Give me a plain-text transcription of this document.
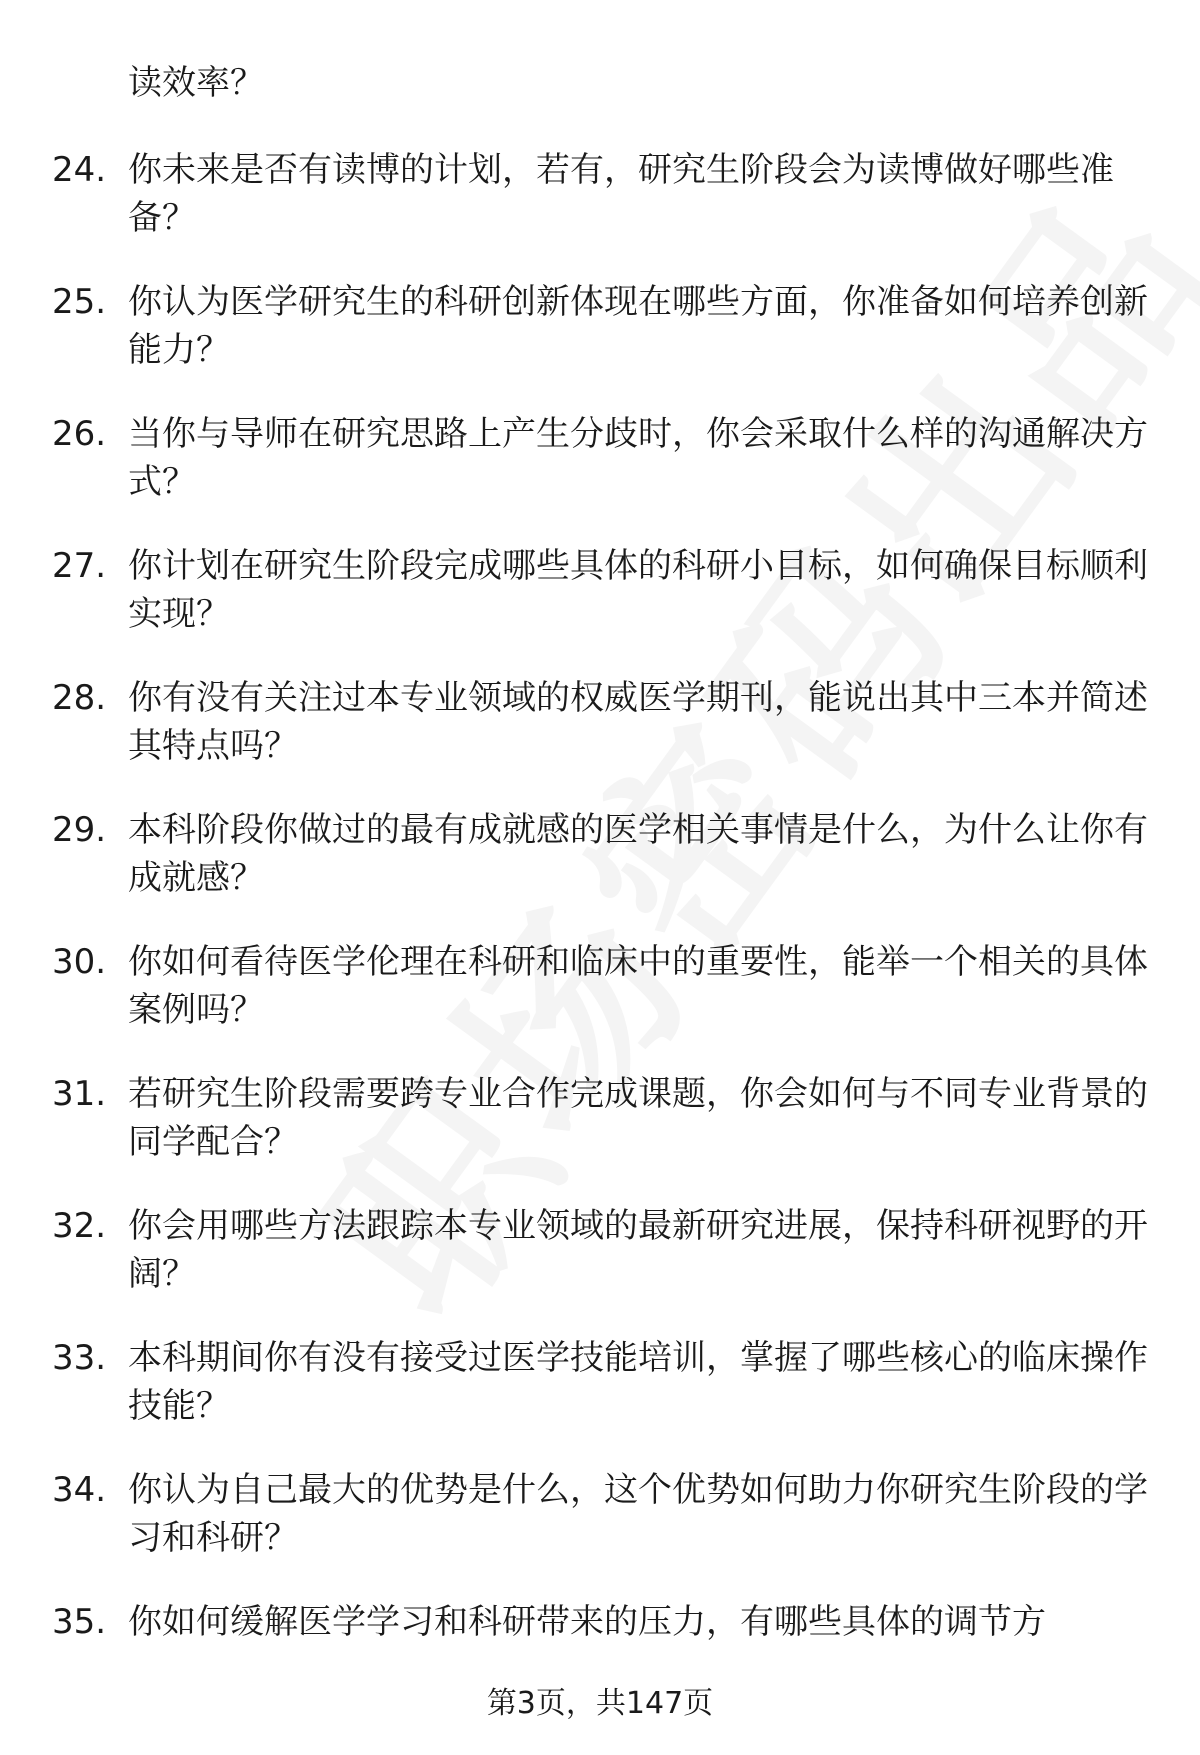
读效率？
24. 你未来是否有读博的计划，若有，研究生阶段会为读博做好哪些准备？
25. 你认为医学研究生的科研创新体现在哪些方面，你准备如何培养创新能力？
26. 当你与导师在研究思路上产生分歧时，你会采取什么样的沟通解决方式？
27. 你计划在研究生阶段完成哪些具体的科研小目标，如何确保目标顺利实现？
28. 你有没有关注过本专业领域的权威医学期刊，能说出其中三本并简述其特点吗？
29. 本科阶段你做过的最有成就感的医学相关事情是什么，为什么让你有成就感？
30. 你如何看待医学伦理在科研和临床中的重要性，能举一个相关的具体案例吗？
31. 若研究生阶段需要跨专业合作完成课题，你会如何与不同专业背景的同学配合？
32. 你会用哪些方法跟踪本专业领域的最新研究进展，保持科研视野的开阔？
33. 本科期间你有没有接受过医学技能培训，掌握了哪些核心的临床操作技能？
34. 你认为自己最大的优势是什么，这个优势如何助力你研究生阶段的学习和科研？
35. 你如何缓解医学学习和科研带来的压力，有哪些具体的调节方
第3页，共147页
